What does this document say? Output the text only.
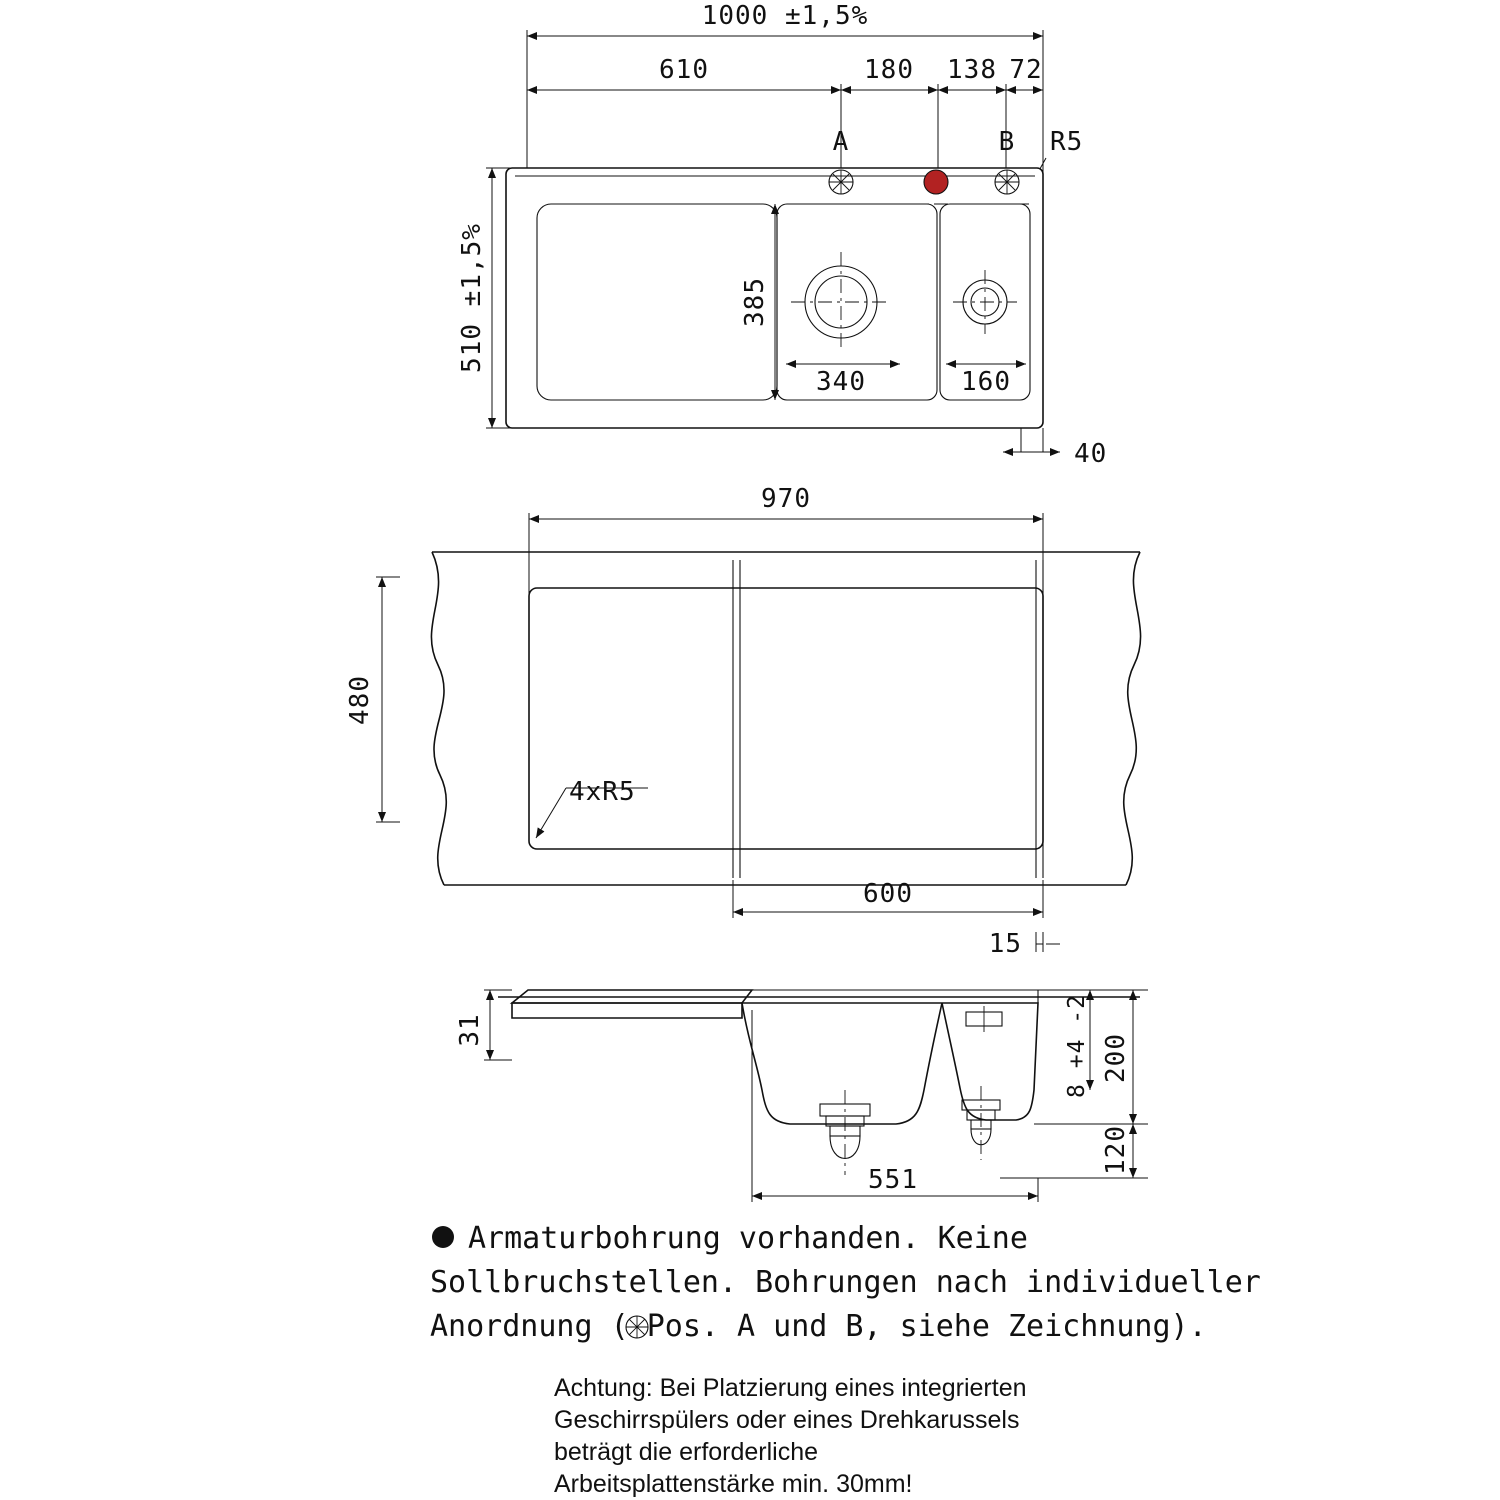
1000 ±1,5%
610	180 138 72
A	B R5
510 ±1,5%	385
340	160
40
970
480
4xR5
600
15
31
200
8 +4 -2
120
551
Armaturbohrung vorhanden. Keine
Sollbruchstellen. Bohrungen nach individueller
Anordnung ( Pos. A und B, siehe Zeichnung).
Achtung: Bei Platzierung eines integrierten
Geschirrspülers oder eines Drehkarussels
beträgt die erforderliche
Arbeitsplattenstärke min. 30mm!
